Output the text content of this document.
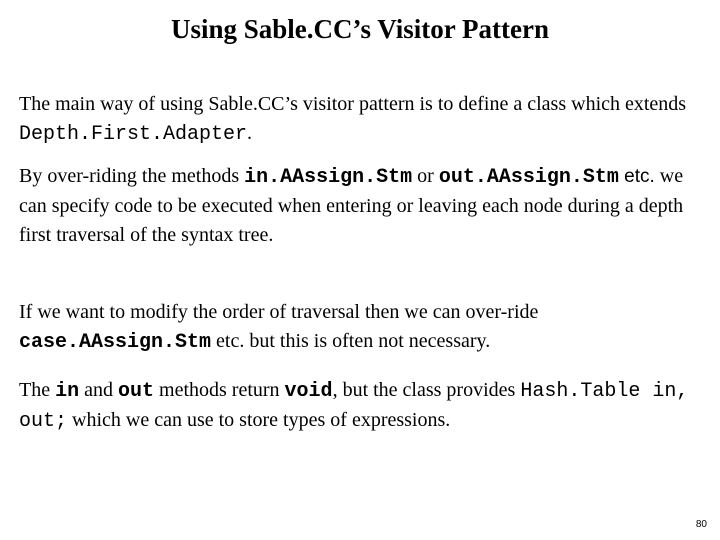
Using Sable.CC’s Visitor Pattern
The main way of using Sable.CC’s visitor pattern is to define a class which extends Depth.First.Adapter.
By over-riding the methods in.AAssign.Stm or out.AAssign.Stm etc. we can specify code to be executed when entering or leaving each node during a depth first traversal of the syntax tree.
If we want to modify the order of traversal then we can over-ride case.AAssign.Stm etc. but this is often not necessary.
The in and out methods return void, but the class provides Hash.Table in, out; which we can use to store types of expressions.
80
